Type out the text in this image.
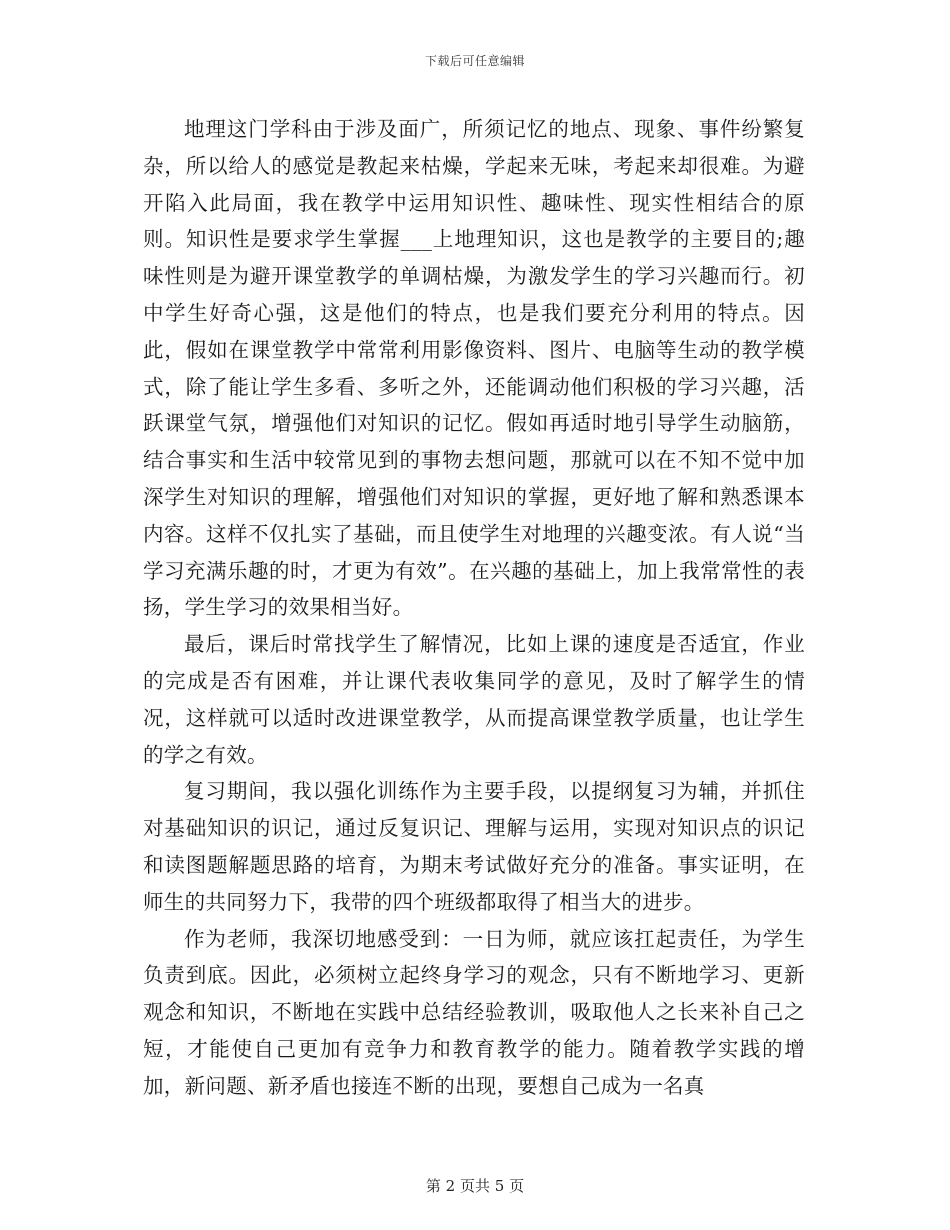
下载后可任意编辑

地理这门学科由于涉及面广，所须记忆的地点、现象、事件纷繁复杂，所以给人的感觉是教起来枯燥，学起来无味，考起来却很难。为避开陷入此局面，我在教学中运用知识性、趣味性、现实性相结合的原则。知识性是要求学生掌握___上地理知识，这也是教学的主要目的;趣味性则是为避开课堂教学的单调枯燥，为激发学生的学习兴趣而行。初中学生好奇心强，这是他们的特点，也是我们要充分利用的特点。因此，假如在课堂教学中常常利用影像资料、图片、电脑等生动的教学模式，除了能让学生多看、多听之外，还能调动他们积极的学习兴趣，活跃课堂气氛，增强他们对知识的记忆。假如再适时地引导学生动脑筋，结合事实和生活中较常见到的事物去想问题，那就可以在不知不觉中加深学生对知识的理解，增强他们对知识的掌握，更好地了解和熟悉课本内容。这样不仅扎实了基础，而且使学生对地理的兴趣变浓。有人说“当学习充满乐趣的时，才更为有效”。在兴趣的基础上，加上我常常性的表扬，学生学习的效果相当好。

最后，课后时常找学生了解情况，比如上课的速度是否适宜，作业的完成是否有困难，并让课代表收集同学的意见，及时了解学生的情况，这样就可以适时改进课堂教学，从而提高课堂教学质量，也让学生的学之有效。

复习期间，我以强化训练作为主要手段，以提纲复习为辅，并抓住对基础知识的识记，通过反复识记、理解与运用，实现对知识点的识记和读图题解题思路的培育，为期末考试做好充分的准备。事实证明，在师生的共同努力下，我带的四个班级都取得了相当大的进步。

作为老师，我深切地感受到：一日为师，就应该扛起责任，为学生负责到底。因此，必须树立起终身学习的观念，只有不断地学习、更新观念和知识，不断地在实践中总结经验教训，吸取他人之长来补自己之短，才能使自己更加有竞争力和教育教学的能力。随着教学实践的增加，新问题、新矛盾也接连不断的出现，要想自己成为一名真

第 2 页共 5 页
